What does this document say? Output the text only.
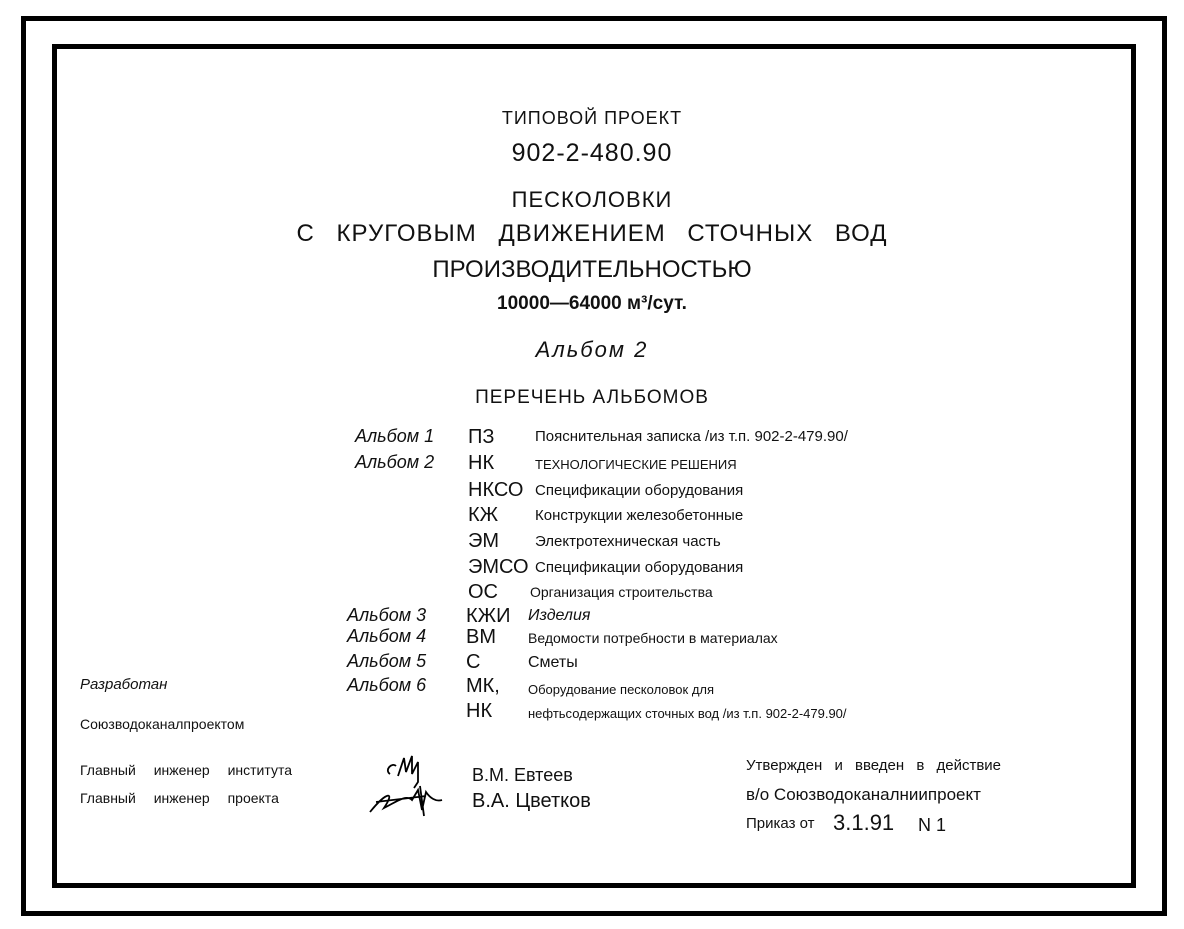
ТИПОВОЙ ПРОЕКТ
902-2-480.90
ПЕСКОЛОВКИ
С КРУГОВЫМ ДВИЖЕНИЕМ СТОЧНЫХ ВОД
ПРОИЗВОДИТЕЛЬНОСТЬЮ
10000—64000 м³/сут.
Альбом 2
ПЕРЕЧЕНЬ АЛЬБОМОВ
Альбом 1 ПЗ	Пояснительная записка /из т.п. 902-2-479.90/
Альбом 2 НК	ТЕХНОЛОГИЧЕСКИЕ РЕШЕНИЯ
НКСО Спецификации оборудования
КЖ Конструкции железобетонные
ЭМ Электротехническая часть
ЭМСО Спецификации оборудования
ОС Организация строительства
Альбом 3 КЖИ Изделия
Альбом 4 ВМ Ведомости потребности в материалах
Альбом 5 С	Сметы
Альбом 6 МК, Оборудование песколовок для
НК	нефтьсодержащих сточных вод /из т.п. 902-2-479.90/
Разработан
Союзводоканалпроектом
Главный инженер института
Главный инженер проекта
В.М. Евтеев
В.А. Цветков
Утвержден и введен в действие
в/о Союзводоканалниипроект
Приказ от 3.1.91 N 1
